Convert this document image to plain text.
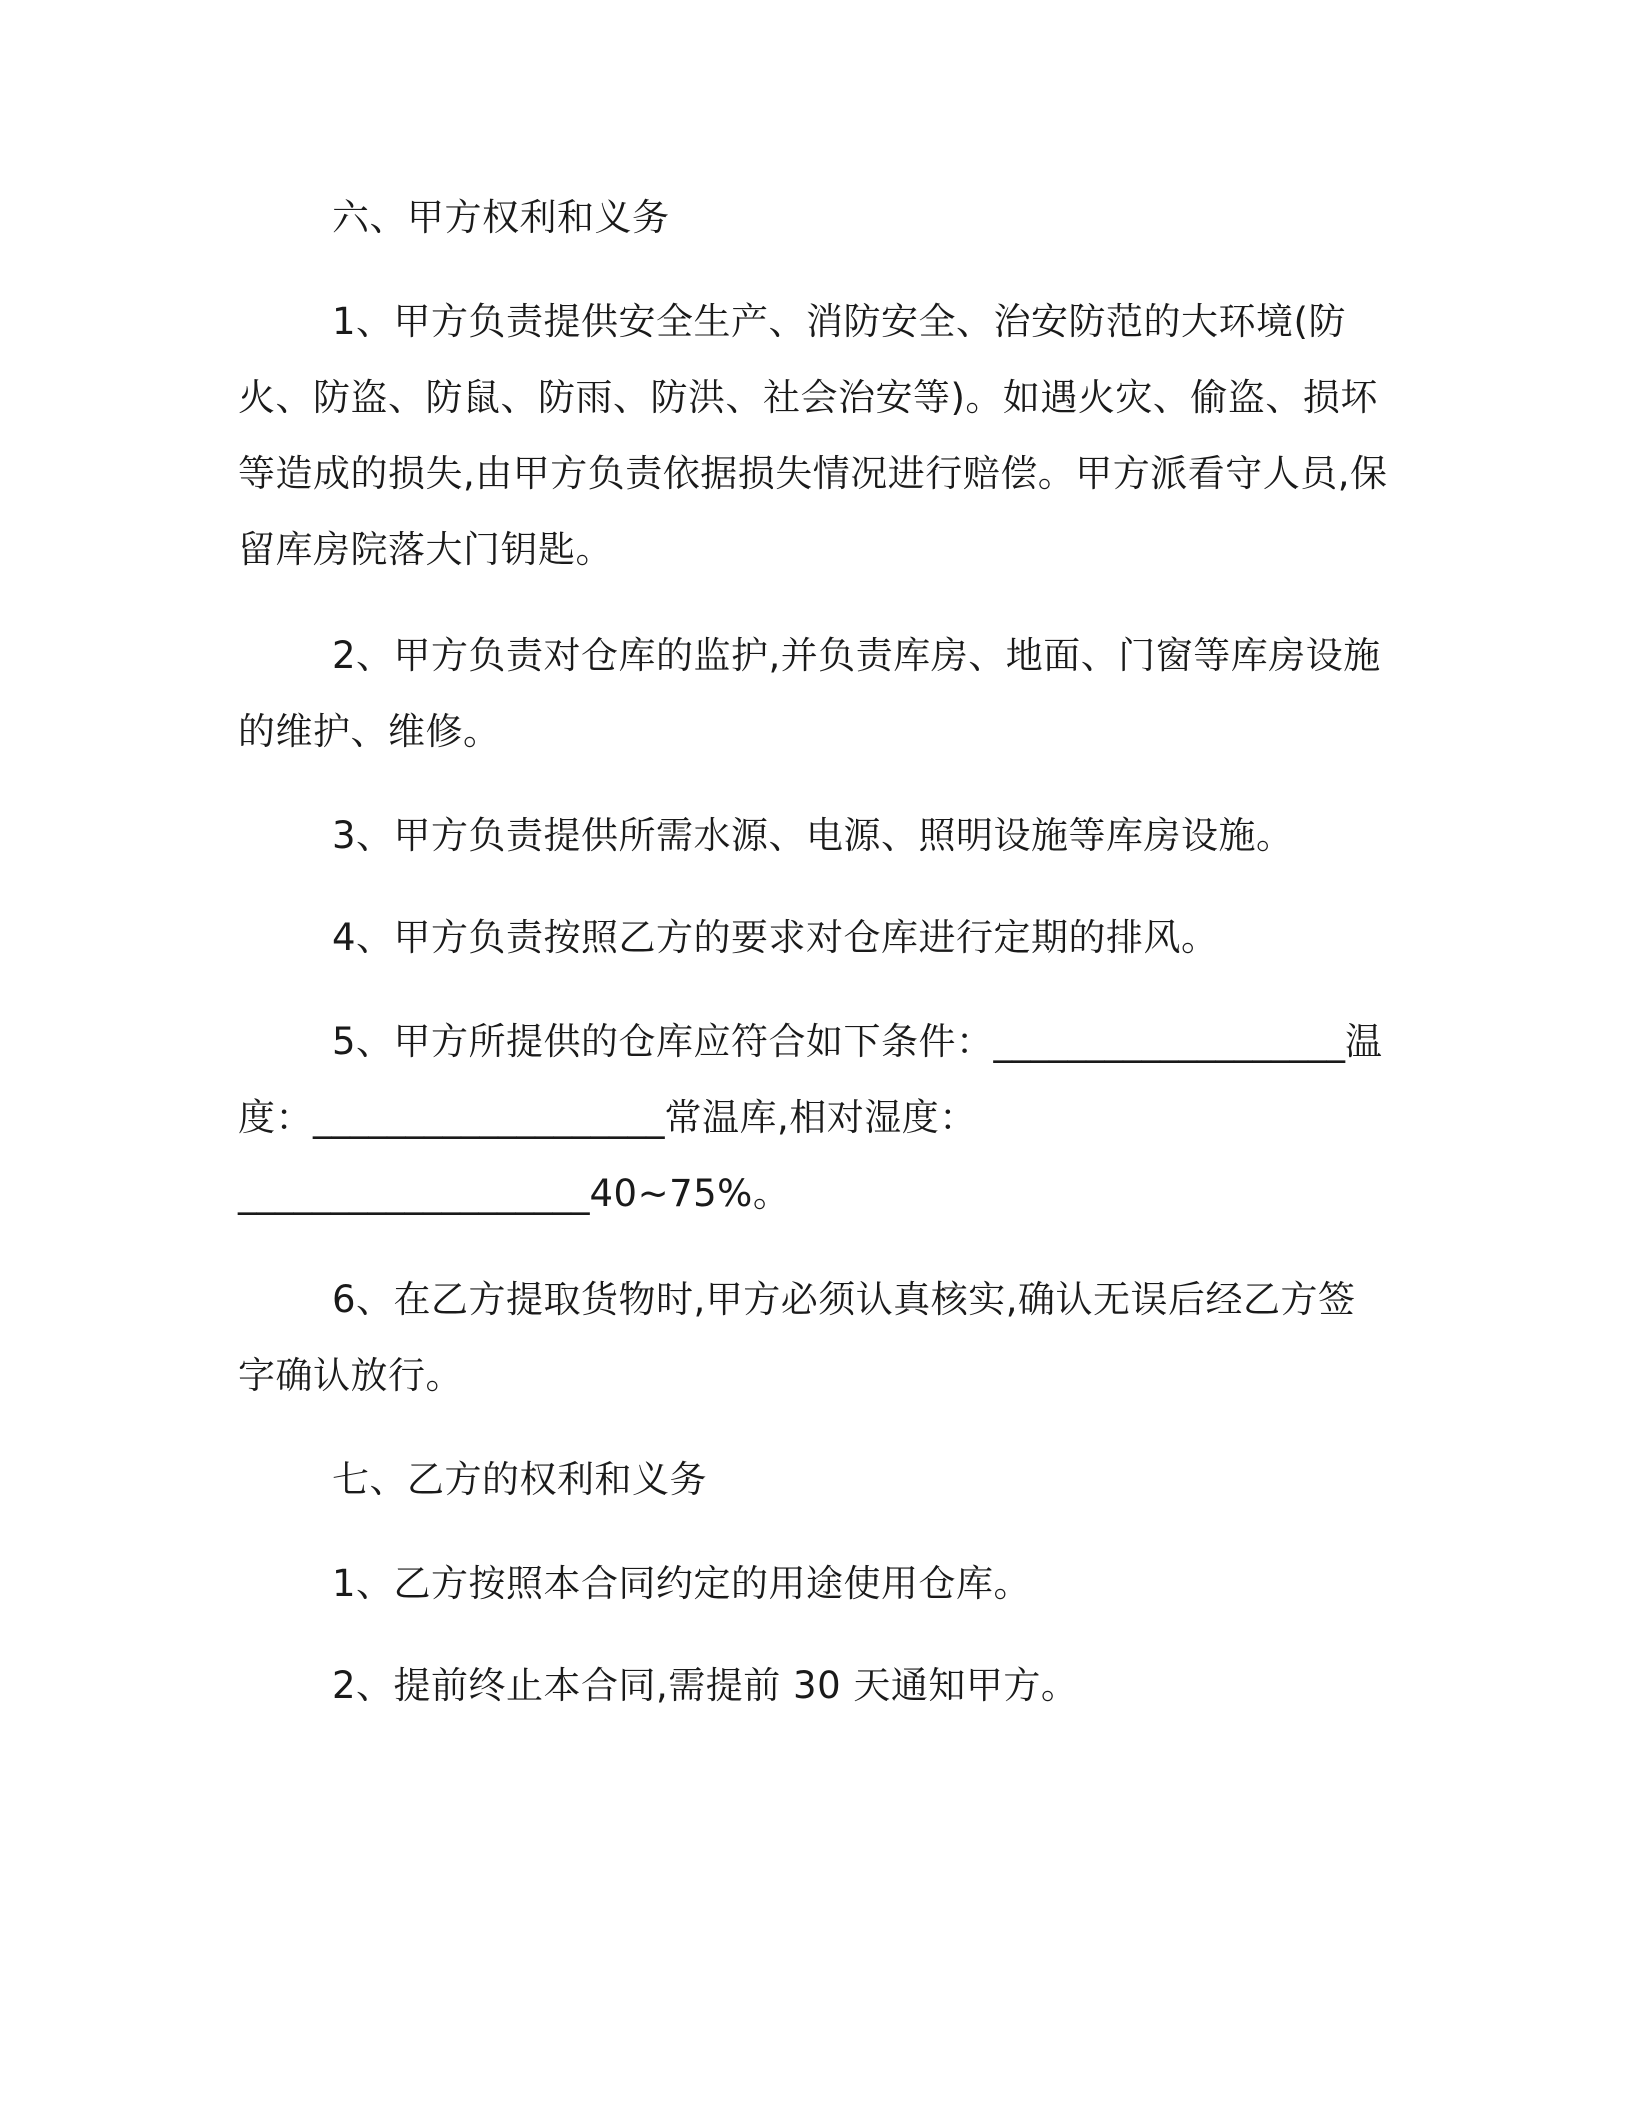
六、甲方权利和义务

1、甲方负责提供安全生产、消防安全、治安防范的大环境(防火、防盗、防鼠、防雨、防洪、社会治安等)。如遇火灾、偷盗、损坏等造成的损失,由甲方负责依据损失情况进行赔偿。甲方派看守人员,保留库房院落大门钥匙。

2、甲方负责对仓库的监护,并负责库房、地面、门窗等库房设施的维护、维修。

3、甲方负责提供所需水源、电源、照明设施等库房设施。

4、甲方负责按照乙方的要求对仓库进行定期的排风。

5、甲方所提供的仓库应符合如下条件：___________________温度：___________________常温库,相对湿度：___________________40~75%。

6、在乙方提取货物时,甲方必须认真核实,确认无误后经乙方签字确认放行。

七、乙方的权利和义务

1、乙方按照本合同约定的用途使用仓库。

2、提前终止本合同,需提前 30 天通知甲方。
